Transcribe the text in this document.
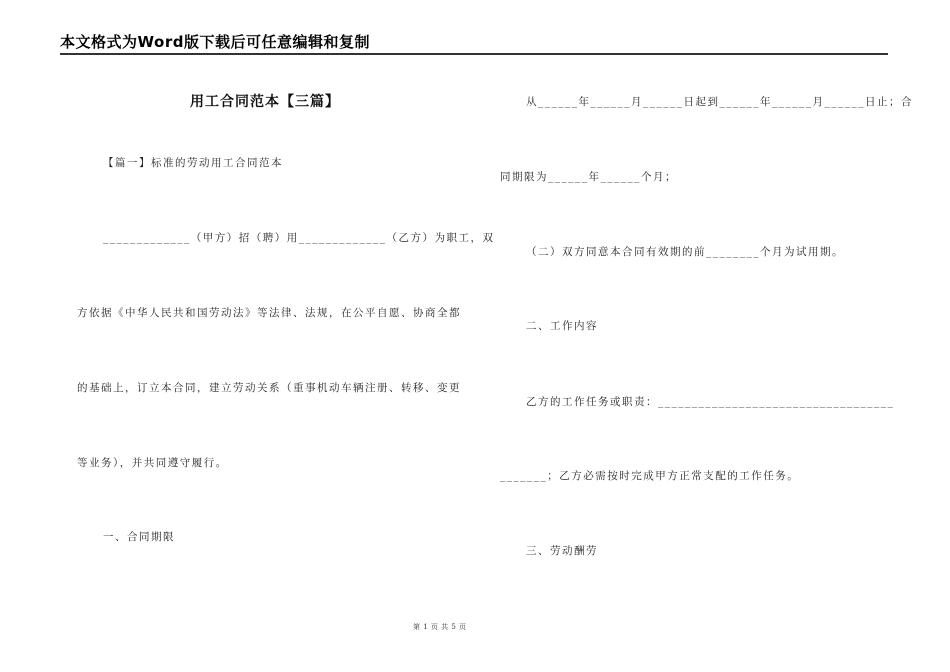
本文格式为Word版下载后可任意编辑和复制
用工合同范本【三篇】
【篇一】标准的劳动用工合同范本
_____________（甲方）招（聘）用_____________（乙方）为职工，双
方依据《中华人民共和国劳动法》等法律、法规，在公平自愿、协商全都
的基础上，订立本合同，建立劳动关系（重事机动车辆注册、转移、变更
等业务），并共同遵守履行。
一、合同期限
从______年______月______日起到______年______月______日止；合
同期限为______年______个月；
（二）双方同意本合同有效期的前________个月为试用期。
二、工作内容
乙方的工作任务或职责：___________________________________
_______；乙方必需按时完成甲方正常支配的工作任务。
三、劳动酬劳
第 1 页 共 5 页
